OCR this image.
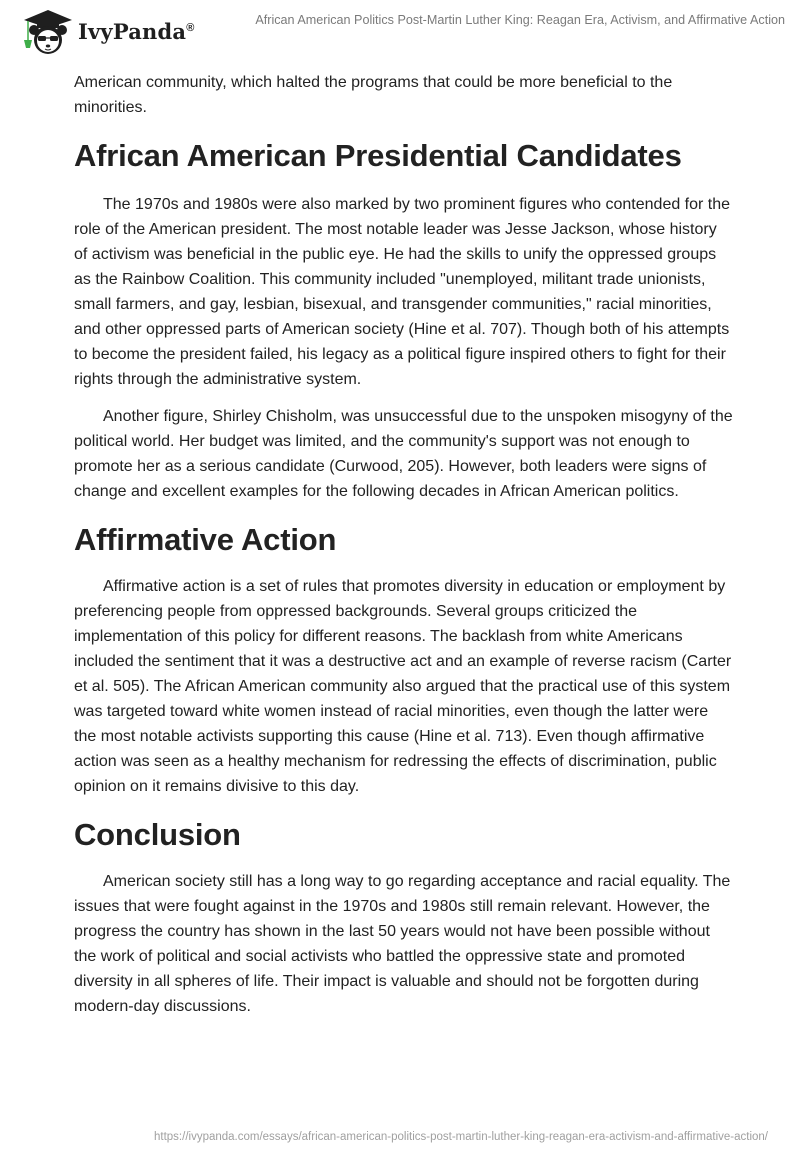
IvyPanda®
African American Politics Post-Martin Luther King: Reagan Era, Activism, and Affirmative Action

American community, which halted the programs that could be more beneficial to the minorities.

African American Presidential Candidates

The 1970s and 1980s were also marked by two prominent figures who contended for the role of the American president. The most notable leader was Jesse Jackson, whose history of activism was beneficial in the public eye. He had the skills to unify the oppressed groups as the Rainbow Coalition. This community included "unemployed, militant trade unionists, small farmers, and gay, lesbian, bisexual, and transgender communities," racial minorities, and other oppressed parts of American society (Hine et al. 707). Though both of his attempts to become the president failed, his legacy as a political figure inspired others to fight for their rights through the administrative system.

Another figure, Shirley Chisholm, was unsuccessful due to the unspoken misogyny of the political world. Her budget was limited, and the community's support was not enough to promote her as a serious candidate (Curwood, 205). However, both leaders were signs of change and excellent examples for the following decades in African American politics.

Affirmative Action

Affirmative action is a set of rules that promotes diversity in education or employment by preferencing people from oppressed backgrounds. Several groups criticized the implementation of this policy for different reasons. The backlash from white Americans included the sentiment that it was a destructive act and an example of reverse racism (Carter et al. 505). The African American community also argued that the practical use of this system was targeted toward white women instead of racial minorities, even though the latter were the most notable activists supporting this cause (Hine et al. 713). Even though affirmative action was seen as a healthy mechanism for redressing the effects of discrimination, public opinion on it remains divisive to this day.

Conclusion

American society still has a long way to go regarding acceptance and racial equality. The issues that were fought against in the 1970s and 1980s still remain relevant. However, the progress the country has shown in the last 50 years would not have been possible without the work of political and social activists who battled the oppressive state and promoted diversity in all spheres of life. Their impact is valuable and should not be forgotten during modern-day discussions.

https://ivypanda.com/essays/african-american-politics-post-martin-luther-king-reagan-era-activism-and-affirmative-action/
